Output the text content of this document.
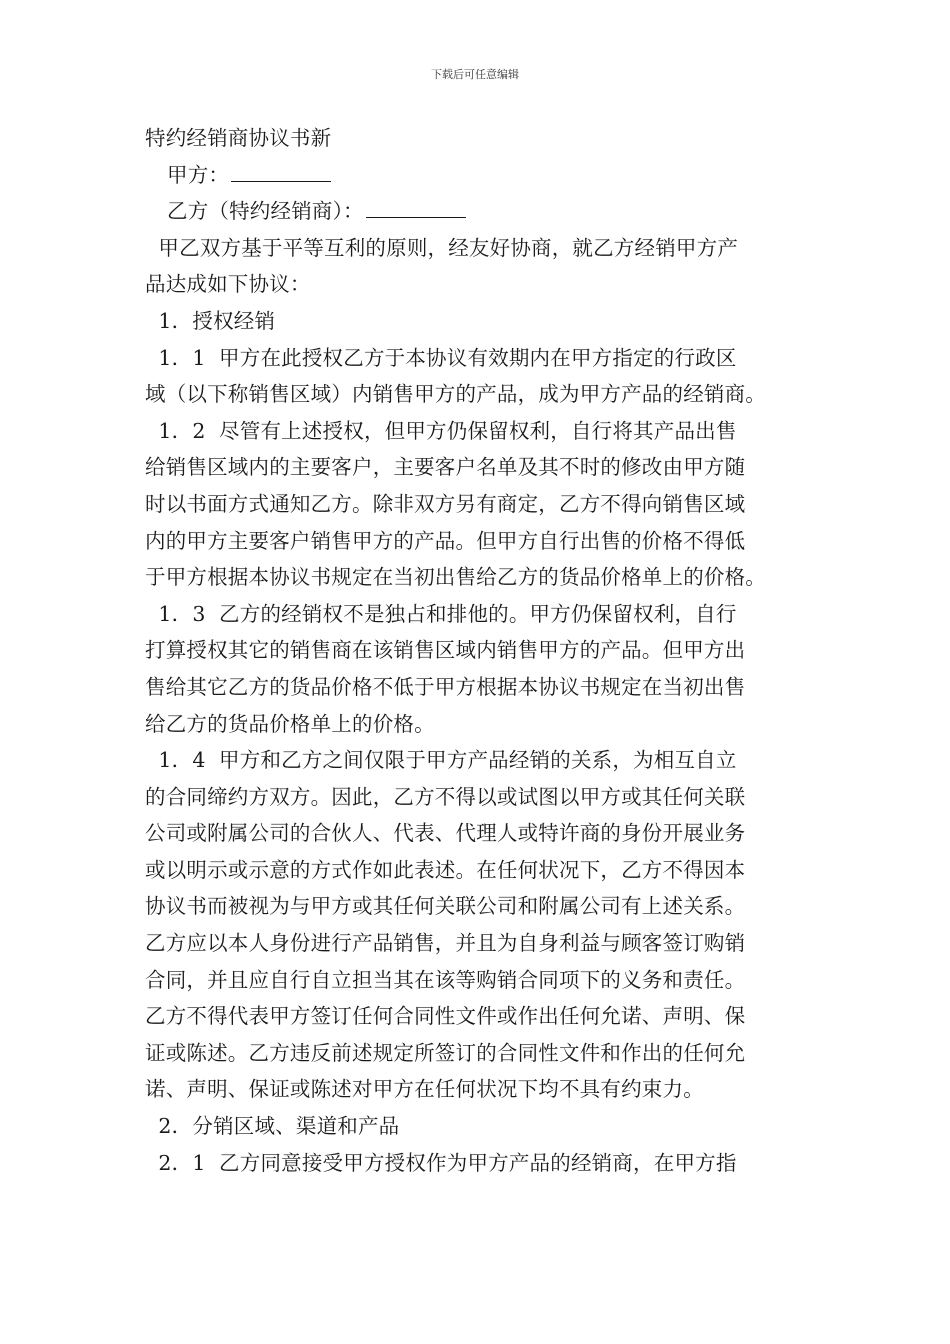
下载后可任意编辑
特约经销商协议书新
甲方：
乙方（特约经销商）：
甲乙双方基于平等互利的原则，经友好协商，就乙方经销甲方产
品达成如下协议：
1．授权经销
1．1  甲方在此授权乙方于本协议有效期内在甲方指定的行政区
域（以下称销售区域）内销售甲方的产品，成为甲方产品的经销商。
1．2  尽管有上述授权，但甲方仍保留权利，自行将其产品出售
给销售区域内的主要客户，主要客户名单及其不时的修改由甲方随
时以书面方式通知乙方。除非双方另有商定，乙方不得向销售区域
内的甲方主要客户销售甲方的产品。但甲方自行出售的价格不得低
于甲方根据本协议书规定在当初出售给乙方的货品价格单上的价格。
1．3  乙方的经销权不是独占和排他的。甲方仍保留权利，自行
打算授权其它的销售商在该销售区域内销售甲方的产品。但甲方出
售给其它乙方的货品价格不低于甲方根据本协议书规定在当初出售
给乙方的货品价格单上的价格。
1．4  甲方和乙方之间仅限于甲方产品经销的关系，为相互自立
的合同缔约方双方。因此，乙方不得以或试图以甲方或其任何关联
公司或附属公司的合伙人、代表、代理人或特许商的身份开展业务
或以明示或示意的方式作如此表述。在任何状况下，乙方不得因本
协议书而被视为与甲方或其任何关联公司和附属公司有上述关系。
乙方应以本人身份进行产品销售，并且为自身利益与顾客签订购销
合同，并且应自行自立担当其在该等购销合同项下的义务和责任。
乙方不得代表甲方签订任何合同性文件或作出任何允诺、声明、保
证或陈述。乙方违反前述规定所签订的合同性文件和作出的任何允
诺、声明、保证或陈述对甲方在任何状况下均不具有约束力。
2．分销区域、渠道和产品
2．1  乙方同意接受甲方授权作为甲方产品的经销商，在甲方指
